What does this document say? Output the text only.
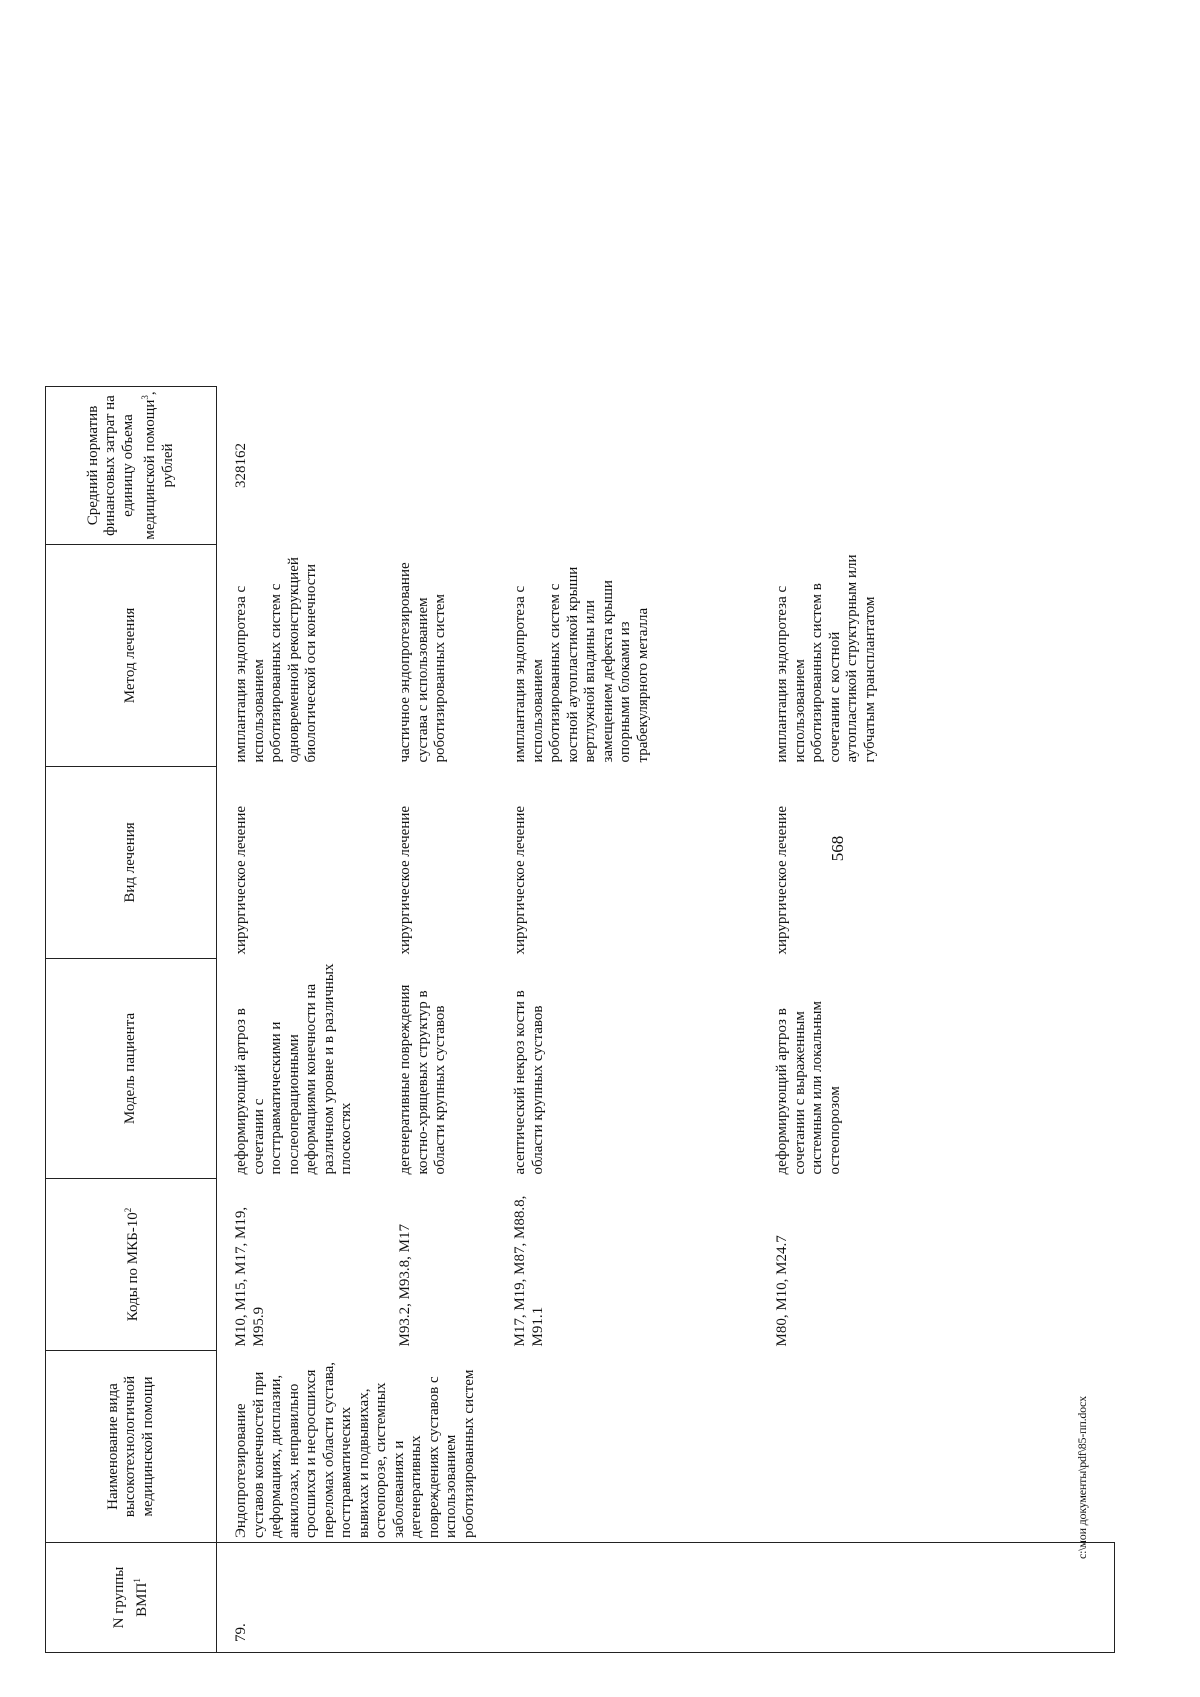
568
N группы ВМП$^1$	Наименование вида высокотехнологичной медицинской помощи	Коды по МКБ-$10^2$	Модель пациента	Вид лечения	Метод лечения	Средний норматив финансовых затрат на единицу объема медицинской помощи$^3$, рублей	
79.	Эндопротезирование суставов конечностей при деформациях, дисплазии, анкилозах, неправильно сросшихся и несросшихся переломах области сустава, посттравматических вывихах и подвывихах, остеопорозе, системных заболеваниях и дегенеративных повреждениях суставов с использованием роботизированных систем	M10, M15, M17, M19, M95.9	деформирующий артроз в сочетании с посттравматическими и послеоперационными деформациями конечности на различном уровне и в различных плоскостях	хирургическое лечение	имплантация эндопротеза с использованием роботизированных систем с одновременной реконструкцией биологической оси конечности	328162	
		M93.2, M93.8, M17	дегенеративные повреждения костно-хрящевых структур в области крупных суставов	хирургическое лечение	частичное эндопротезирование сустава с использованием роботизированных систем		
		M17, M19, M87, M88.8, M91.1	асептический некроз кости в области крупных суставов	хирургическое лечение	имплантация эндопротеза с использованием роботизированных систем с костной аутопластикой крыши вертлужной впадины или замещением дефекта крыши опорными блоками из трабекулярного металла		
		M80, M10, M24.7	деформирующий артроз в сочетании с выраженным системным или локальным остеопорозом	хирургическое лечение	имплантация эндопротеза с использованием роботизированных систем в сочетании с костной аутопластикой структурным или губчатым трансплантатом		
c:\мои документы\pdf\85-пп.docx
